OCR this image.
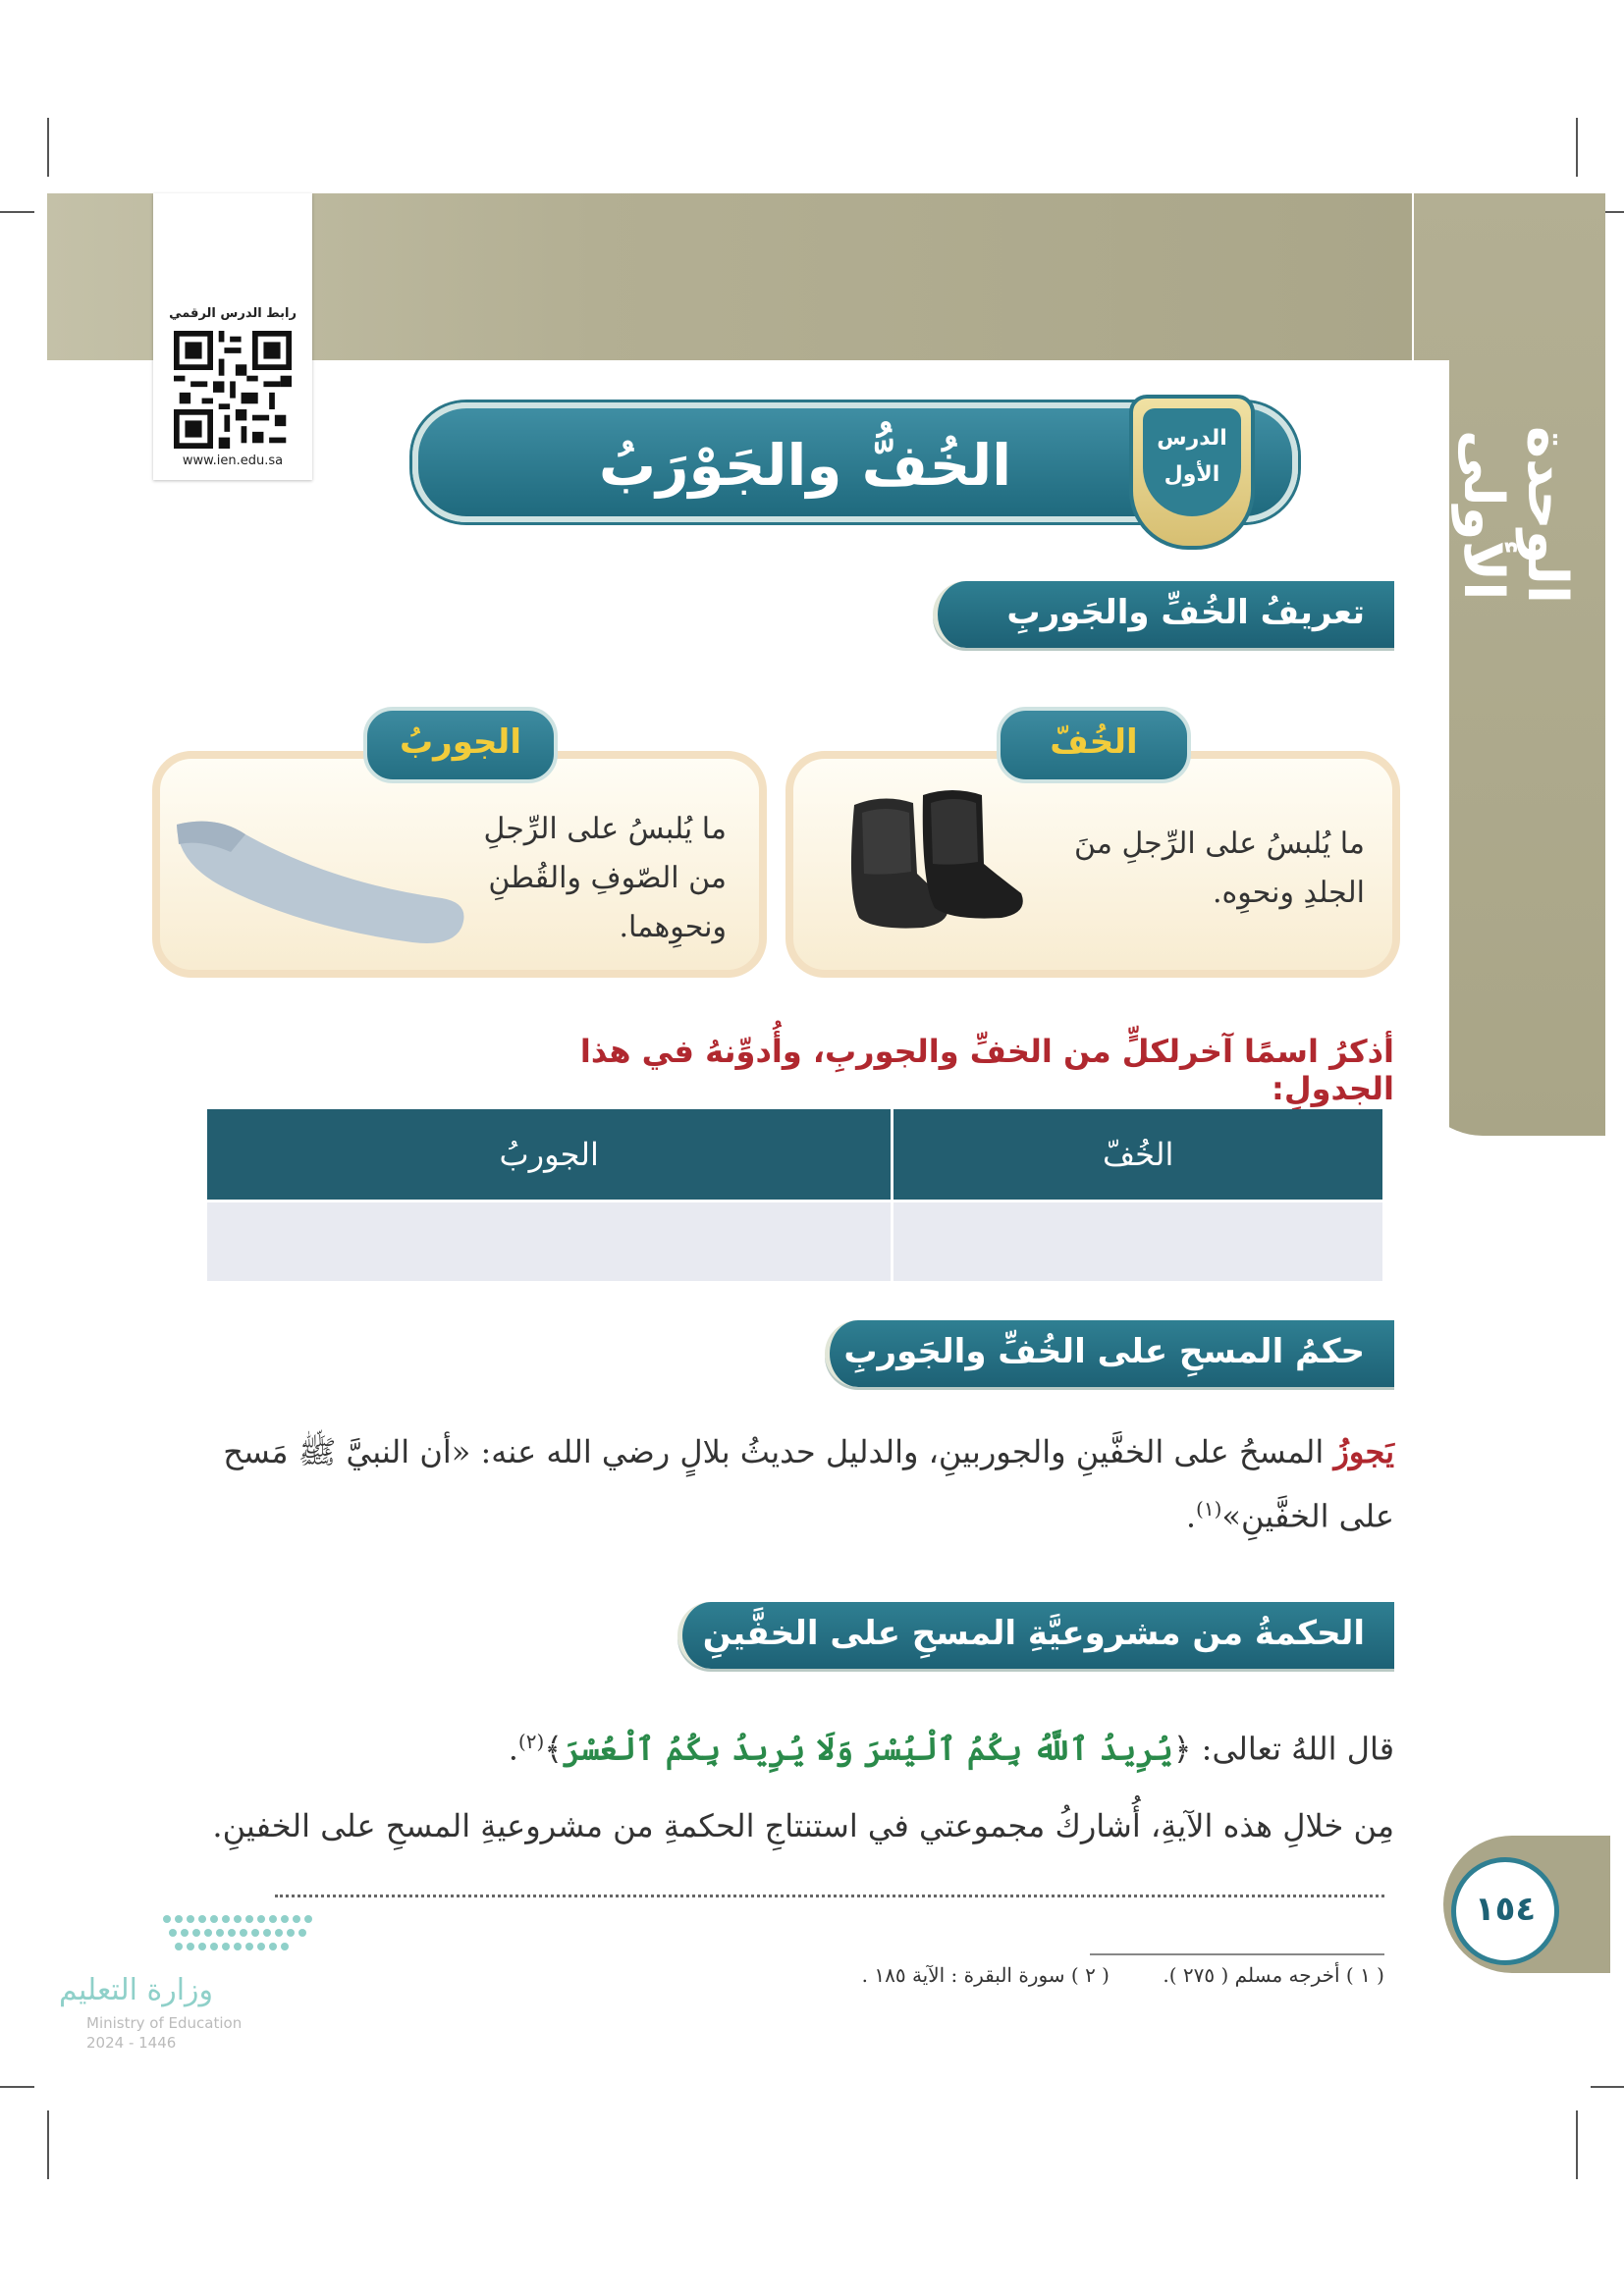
الوحدة الأولى
رابط الدرس الرقمي
www.ien.edu.sa	الخُفُّ والجَوْرَبُ	الدرس
الأول
تعريفُ الخُفِّ والجَوربِ
الخُفّ
ما يُلبسُ على الرِّجلِ منَ
الجلدِ ونحوِه.
الجوربُ
ما يُلبسُ على الرِّجلِ
من الصّوفِ والقُطنِ
ونحوِهما.
أذكرُ اسمًا آخرلكلٍّ من الخفِّ والجوربِ، وأُدوِّنهُ في هذا الجدولِ:
الخُفّ	الجوربُ

حكمُ المسحِ على الخُفِّ والجَوربِ
يَجوزُ المسحُ على الخفَّينِ والجوربينِ، والدليل حديثُ بلالٍ رضي الله عنه: «أن النبيَّ ﷺ مَسح
على الخفَّينِ»$^{(١)}$.
الحكمةُ من مشروعيَّةِ المسحِ على الخفَّينِ
قال اللهُ تعالى: ﴿يُرِيدُ ٱللَّهُ بِكُمُ ٱلْيُسْرَ وَلَا يُرِيدُ بِكُمُ ٱلْعُسْرَ﴾$^{(٢)}$.
مِن خلالِ هذه الآيةِ، أُشاركُ مجموعتي في استنتاجِ الحكمةِ من مشروعيةِ المسحِ على الخفينِ.
١٥٤
( ١ ) أخرجه مسلم ( ٢٧٥ ).
( ٢ ) سورة البقرة : الآية ١٨٥ .
وزارة التعليم
Ministry of Education
2024 - 1446
